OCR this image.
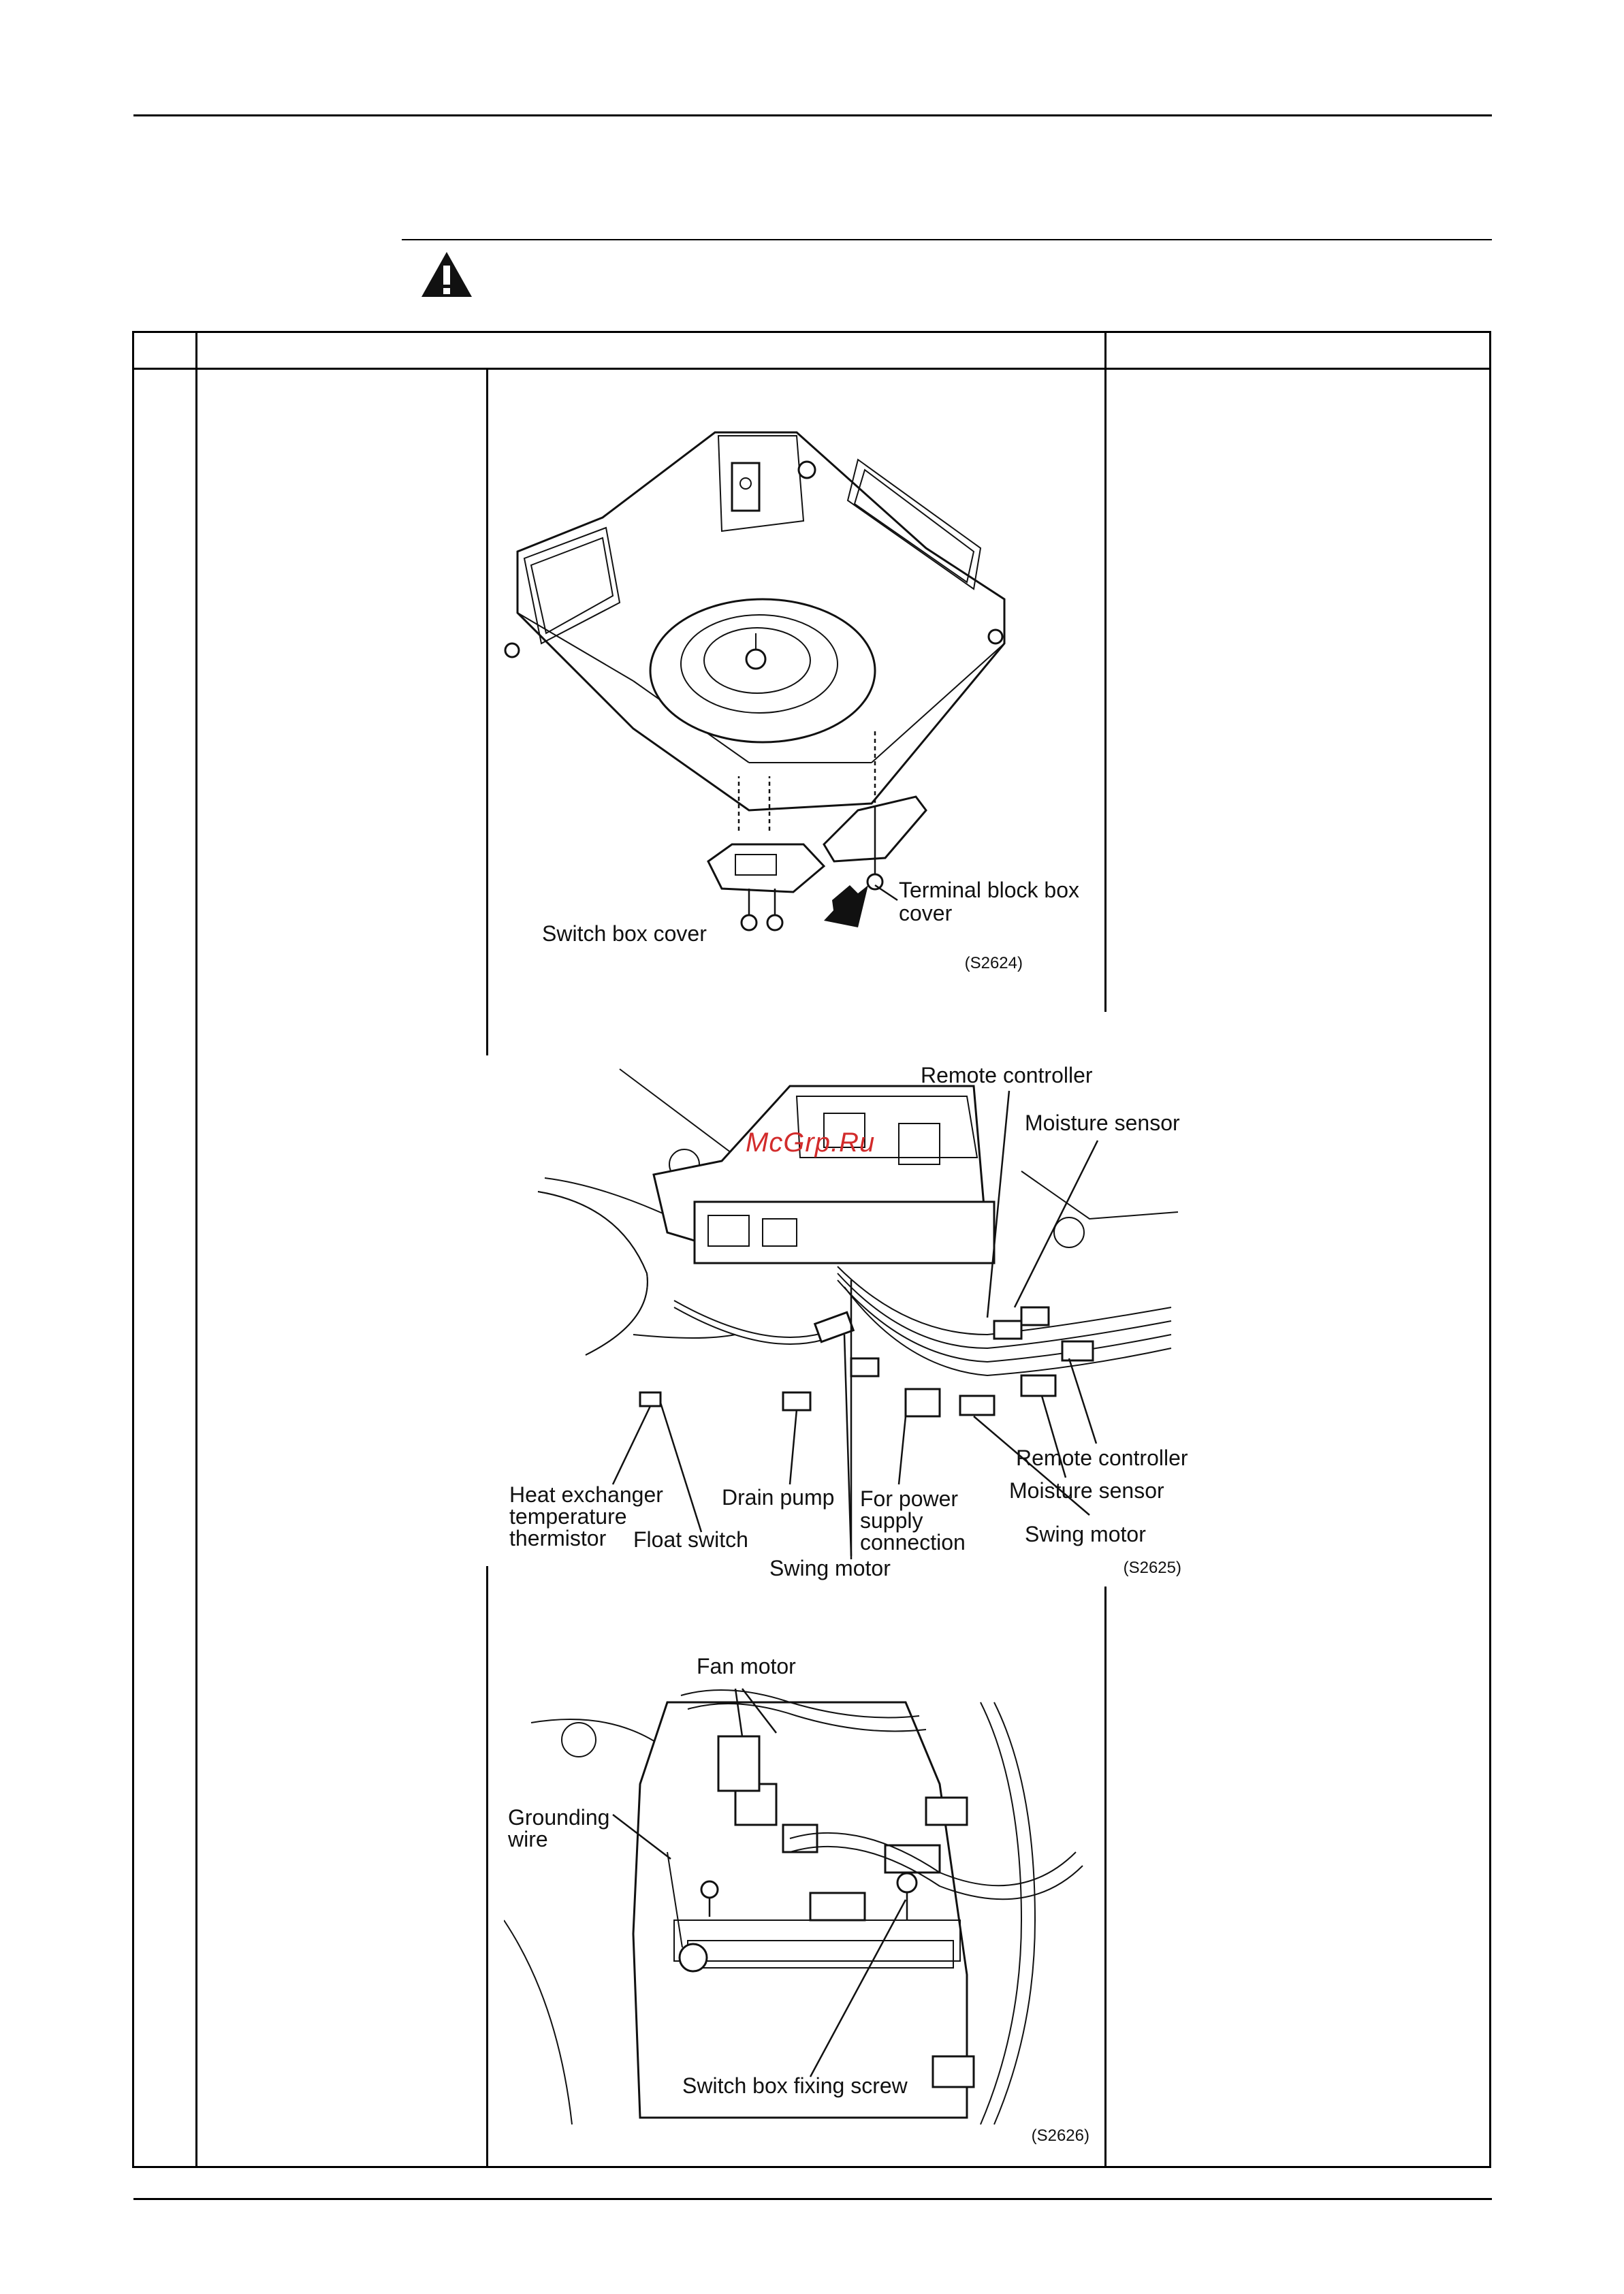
Terminal block box
cover
Switch box cover
(S2624)
Remote controller
Moisture sensor
Remote controller
Moisture sensor
Swing motor
Heat exchanger
temperature
thermistor
Drain pump
Float switch
For power
supply
connection
Swing motor	(S2625)
McGrp.Ru
Fan motor
Grounding
wire
Switch box fixing screw
(S2626)
